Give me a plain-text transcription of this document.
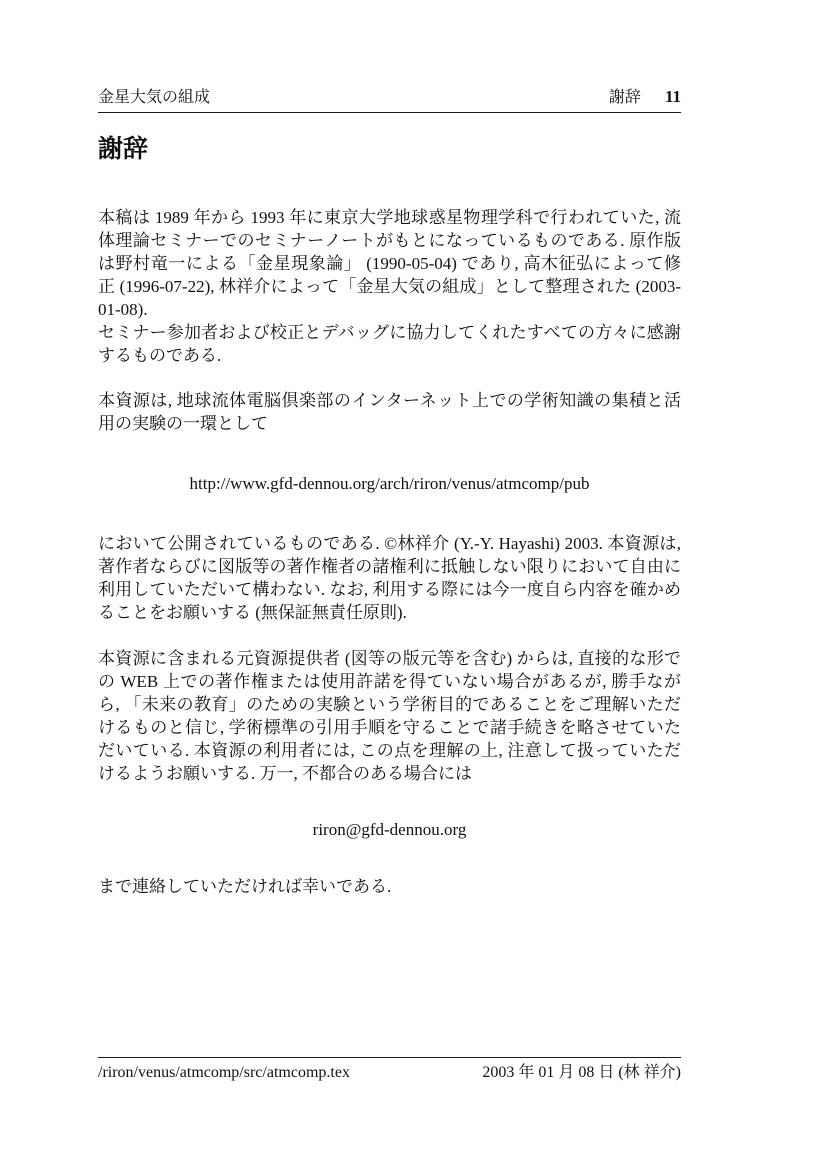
金星大気の組成	謝辞 11
謝辞

本稿は 1989 年から 1993 年に東京大学地球惑星物理学科で行われていた, 流体理論セミナーでのセミナーノートがもとになっているものである. 原作版は野村竜一による「金星現象論」 (1990-05-04) であり, 高木征弘によって修正 (1996-07-22), 林祥介によって「金星大気の組成」として整理された (2003-01-08).

セミナー参加者および校正とデバッグに協力してくれたすべての方々に感謝するものである.

本資源は, 地球流体電脳倶楽部のインターネット上での学術知識の集積と活用の実験の一環として

http://www.gfd-dennou.org/arch/riron/venus/atmcomp/pub

において公開されているものである. ©林祥介 (Y.-Y. Hayashi) 2003. 本資源は, 著作者ならびに図版等の著作権者の諸権利に抵触しない限りにおいて自由に利用していただいて構わない. なお, 利用する際には今一度自ら内容を確かめることをお願いする (無保証無責任原則).

本資源に含まれる元資源提供者 (図等の版元等を含む) からは, 直接的な形での WEB 上での著作権または使用許諾を得ていない場合があるが, 勝手ながら, 「未来の教育」のための実験という学術目的であることをご理解いただけるものと信じ, 学術標準の引用手順を守ることで諸手続きを略させていただいている. 本資源の利用者には, この点を理解の上, 注意して扱っていただけるようお願いする. 万一, 不都合のある場合には

riron@gfd-dennou.org

まで連絡していただければ幸いである.

/riron/venus/atmcomp/src/atmcomp.tex	2003 年 01 月 08 日 (林 祥介)
